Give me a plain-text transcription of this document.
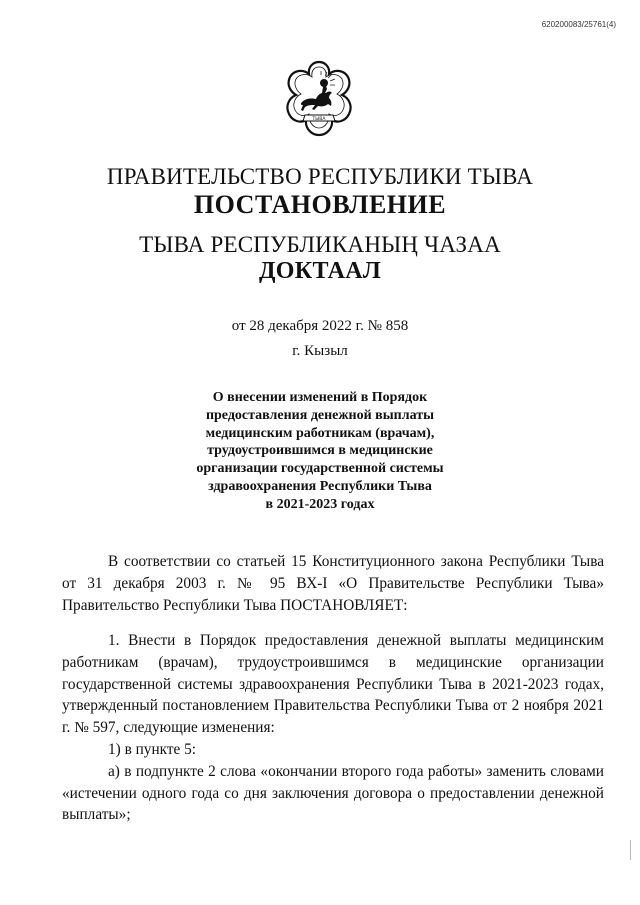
620200083/25761(4)
ТЫВА
ПРАВИТЕЛЬСТВО РЕСПУБЛИКИ ТЫВА
ПОСТАНОВЛЕНИЕ
ТЫВА РЕСПУБЛИКАНЫҢ ЧАЗАА
ДОКТААЛ
от 28 декабря 2022 г. № 858
г. Кызыл
О внесении изменений в Порядок
предоставления денежной выплаты
медицинским работникам (врачам),
трудоустроившимся в медицинские
организации государственной системы
здравоохранения Республики Тыва
в 2021-2023 годах

В соответствии со статьей 15 Конституционного закона Республики Тыва от 31 декабря 2003 г. № 95 ВХ-I «О Правительстве Республики Тыва» Правительство Республики Тыва ПОСТАНОВЛЯЕТ:

1. Внести в Порядок предоставления денежной выплаты медицинским работникам (врачам), трудоустроившимся в медицинские организации государственной системы здравоохранения Республики Тыва в 2021-2023 годах, утвержденный постановлением Правительства Республики Тыва от 2 ноября 2021 г. № 597, следующие изменения:

1) в пункте 5:

а) в подпункте 2 слова «окончании второго года работы» заменить словами «истечении одного года со дня заключения договора о предоставлении денежной выплаты»;
